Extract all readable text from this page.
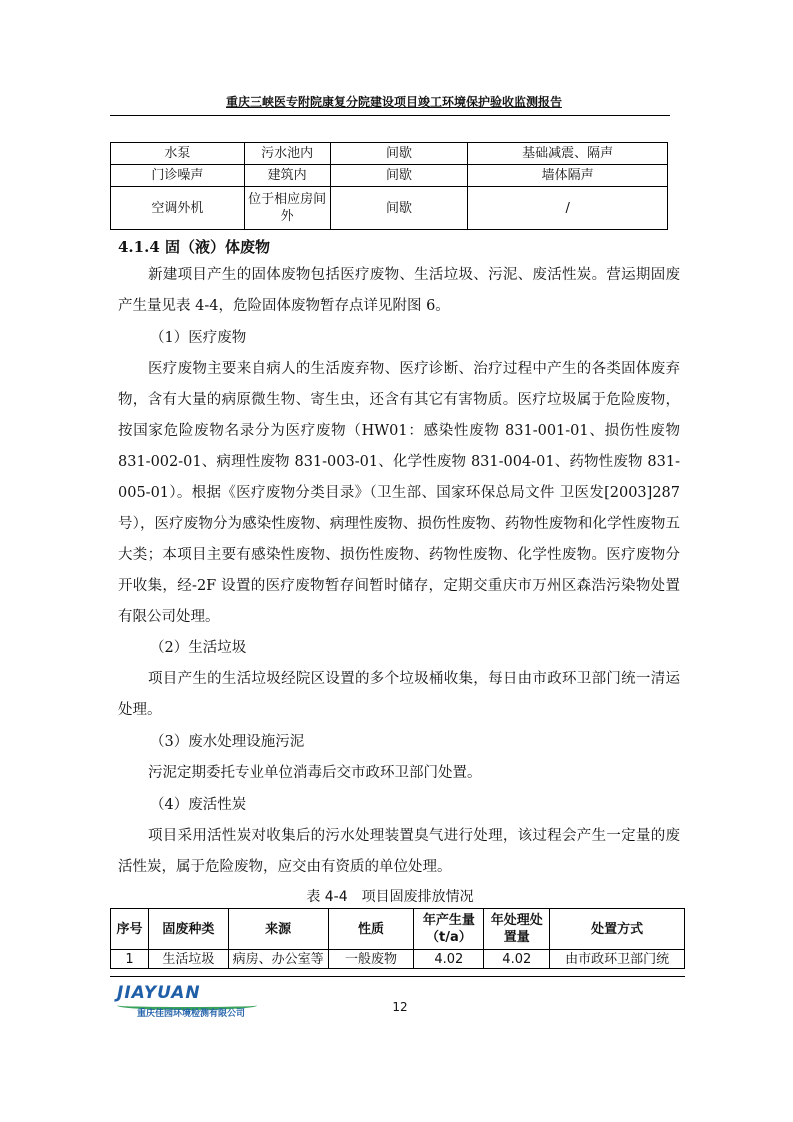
重庆三峡医专附院康复分院建设项目竣工环境保护验收监测报告
水泵	污水池内	间歇	基础减震、隔声
门诊噪声	建筑内	间歇	墙体隔声
空调外机	位于相应房间外	间歇	/
4.1.4 固（液）体废物

新建项目产生的固体废物包括医疗废物、生活垃圾、污泥、废活性炭。营运期固废产生量见表 4-4，危险固体废物暂存点详见附图 6。

（1）医疗废物

医疗废物主要来自病人的生活废弃物、医疗诊断、治疗过程中产生的各类固体废弃物，含有大量的病原微生物、寄生虫，还含有其它有害物质。医疗垃圾属于危险废物，按国家危险废物名录分为医疗废物（HW01：感染性废物 831-001-01、损伤性废物 831-002-01、病理性废物 831-003-01、化学性废物 831-004-01、药物性废物 831-005-01）。根据《医疗废物分类目录》（卫生部、国家环保总局文件 卫医发[2003]287 号），医疗废物分为感染性废物、病理性废物、损伤性废物、药物性废物和化学性废物五大类；本项目主要有感染性废物、损伤性废物、药物性废物、化学性废物。医疗废物分开收集，经-2F 设置的医疗废物暂存间暂时储存，定期交重庆市万州区森浩污染物处置有限公司处理。

（2）生活垃圾

项目产生的生活垃圾经院区设置的多个垃圾桶收集，每日由市政环卫部门统一清运处理。

（3）废水处理设施污泥

污泥定期委托专业单位消毒后交市政环卫部门处置。

（4）废活性炭

项目采用活性炭对收集后的污水处理装置臭气进行处理，该过程会产生一定量的废活性炭，属于危险废物，应交由有资质的单位处理。

表 4-4　项目固废排放情况
序号	固废种类	来源	性质	年产生量（t/a）	年处理处置量	处置方式
1	生活垃圾	病房、办公室等	一般废物	4.02	4.02	由市政环卫部门统
JIAYUAN
重庆佳园环境检测有限公司	12
